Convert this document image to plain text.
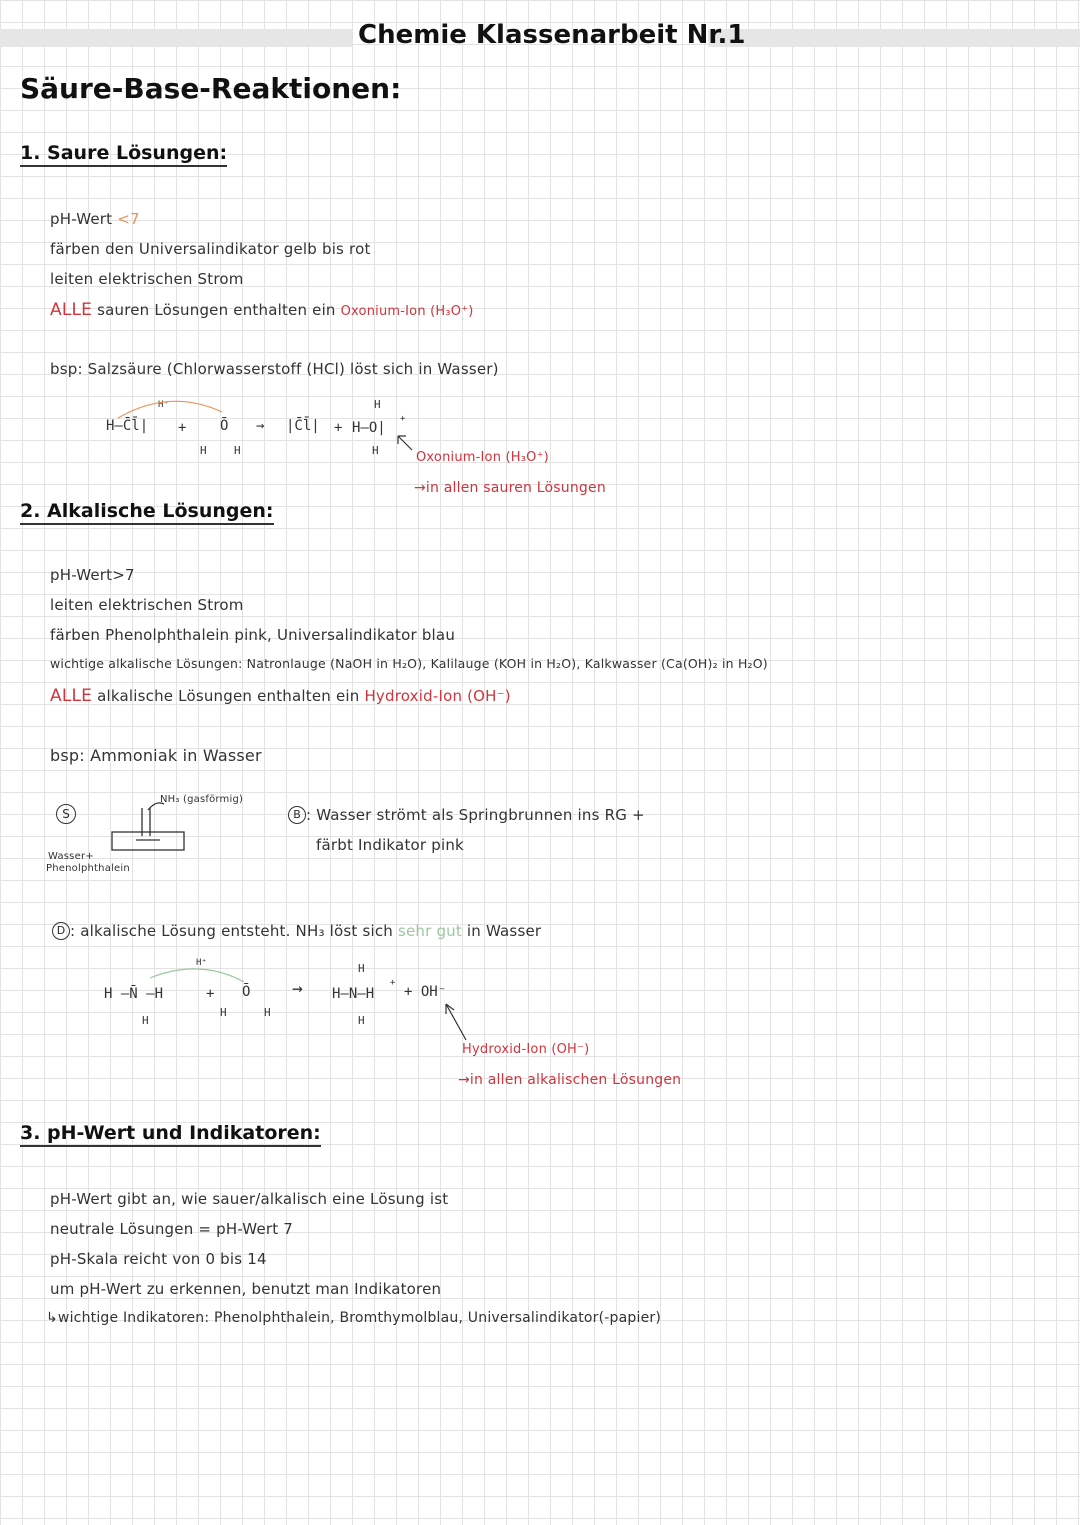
Chemie Klassenarbeit Nr.1
Säure-Base-Reaktionen:
1. Saure Lösungen:
pH-Wert <7
färben den Universalindikator gelb bis rot
leiten elektrischen Strom
ALLE sauren Lösungen enthalten ein Oxonium-Ion (H₃O⁺)
bsp: Salzsäure (Chlorwasserstoff (HCl) löst sich in Wasser)
H–C̄l̄| +
H⁺
Ō
H H
→ |C̄l̄| + H–O|
H
H
+
Oxonium-Ion (H₃O⁺)
→in allen sauren Lösungen
2. Alkalische Lösungen:
pH-Wert>7
leiten elektrischen Strom
färben Phenolphthalein pink, Universalindikator blau
wichtige alkalische Lösungen: Natronlauge (NaOH in H₂O), Kalilauge (KOH in H₂O), Kalkwasser (Ca(OH)₂ in H₂O)
ALLE alkalische Lösungen enthalten ein Hydroxid-Ion (OH⁻)
bsp: Ammoniak in Wasser
S
NH₃ (gasförmig)
Wasser+
Phenolphthalein
B : Wasser strömt als Springbrunnen ins RG +
färbt Indikator pink
D : alkalische Lösung entsteht. NH₃ löst sich sehr gut in Wasser
H –N̄ –H
H
+
H⁺
Ō
H	H
→ H–N–H
H
H
+
+ OH⁻
Hydroxid-Ion (OH⁻)
→in allen alkalischen Lösungen
3. pH-Wert und Indikatoren:
pH-Wert gibt an, wie sauer/alkalisch eine Lösung ist
neutrale Lösungen = pH-Wert 7
pH-Skala reicht von 0 bis 14
um pH-Wert zu erkennen, benutzt man Indikatoren
↳wichtige Indikatoren: Phenolphthalein, Bromthymolblau, Universalindikator(-papier)
